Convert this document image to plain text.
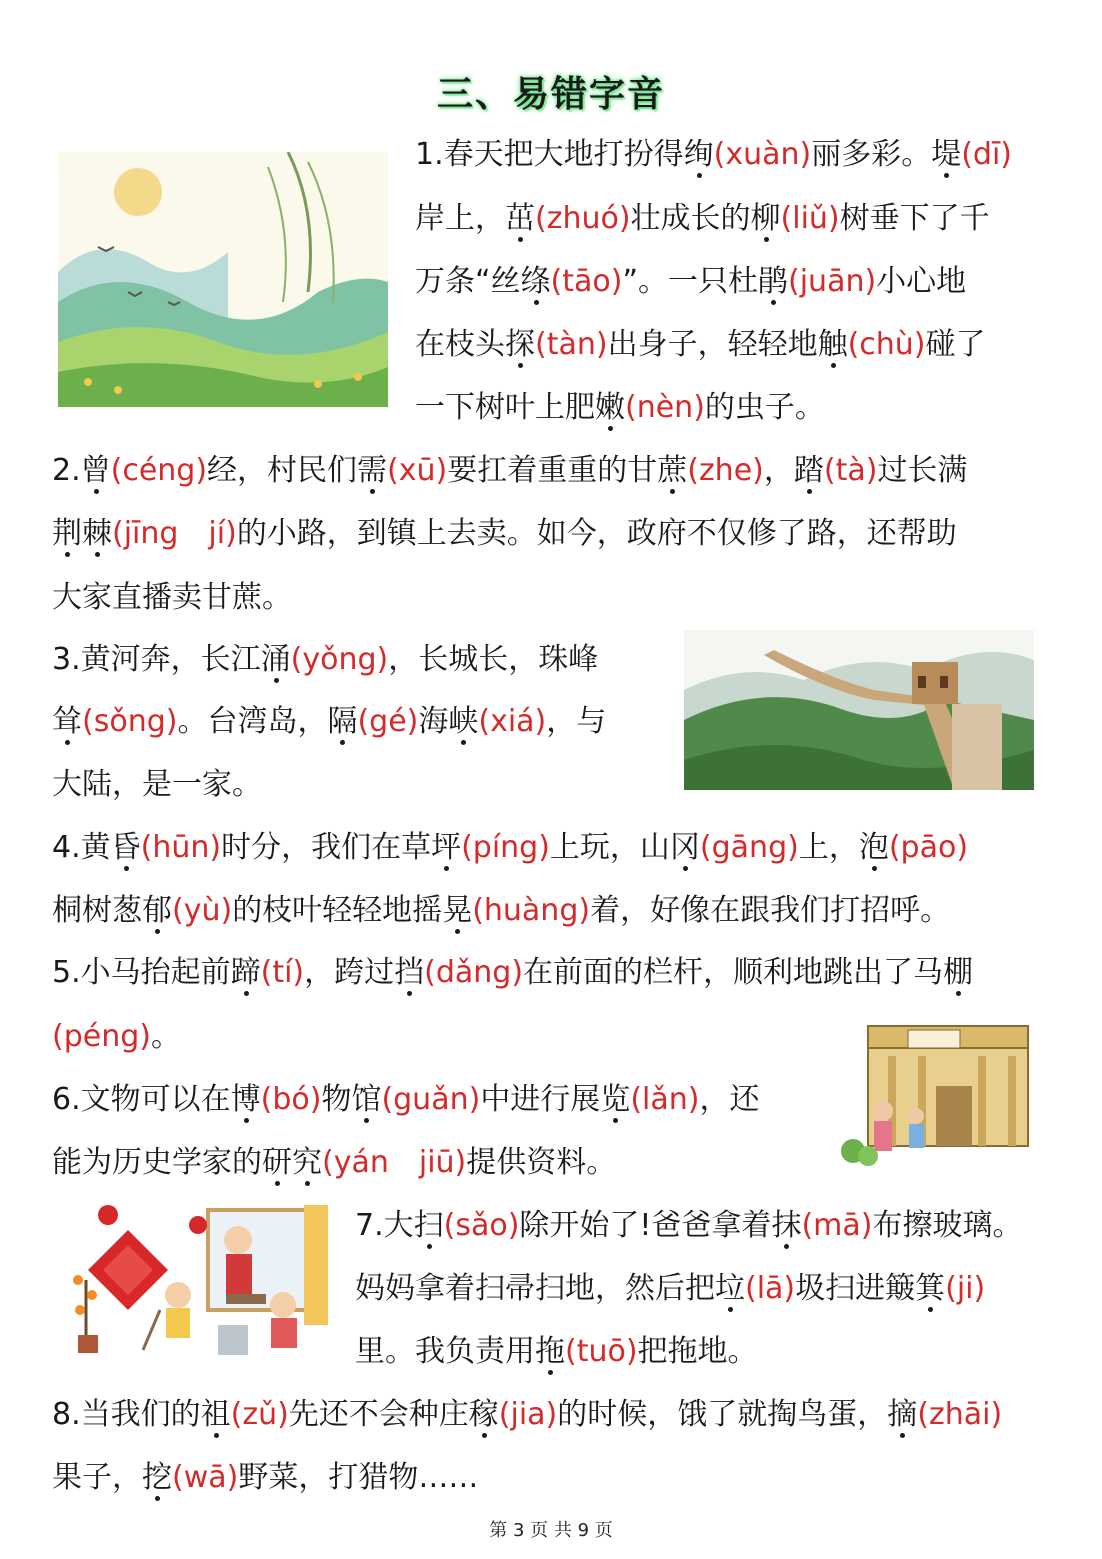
三、易错字音
1.春天把大地打扮得绚(xuàn)丽多彩。堤(dī)
岸上，茁(zhuó)壮成长的柳(liǔ)树垂下了千
万条“丝绦(tāo)”。一只杜鹃(juān)小心地
在枝头探(tàn)出身子，轻轻地触(chù)碰了
一下树叶上肥嫩(nèn)的虫子。
2.曾(céng)经，村民们需(xū)要扛着重重的甘蔗(zhe)，踏(tà)过长满
荆棘(jīng　jí)的小路，到镇上去卖。如今，政府不仅修了路，还帮助
大家直播卖甘蔗。
3.黄河奔，长江涌(yǒng)，长城长，珠峰
耸(sǒng)。台湾岛，隔(gé)海峡(xiá)，与
大陆，是一家。
4.黄昏(hūn)时分，我们在草坪(píng)上玩，山冈(gāng)上，泡(pāo)
桐树葱郁(yù)的枝叶轻轻地摇晃(huàng)着，好像在跟我们打招呼。
5.小马抬起前蹄(tí)，跨过挡(dǎng)在前面的栏杆，顺利地跳出了马棚
(péng)。
6.文物可以在博(bó)物馆(guǎn)中进行展览(lǎn)，还
能为历史学家的研究(yán　jiū)提供资料。
7.大扫(sǎo)除开始了!爸爸拿着抹(mā)布擦玻璃。
妈妈拿着扫帚扫地，然后把垃(lā)圾扫进簸箕(ji)
里。我负责用拖(tuō)把拖地。
8.当我们的祖(zǔ)先还不会种庄稼(jia)的时候，饿了就掏鸟蛋，摘(zhāi)
果子，挖(wā)野菜，打猎物……
第 3 页 共 9 页
